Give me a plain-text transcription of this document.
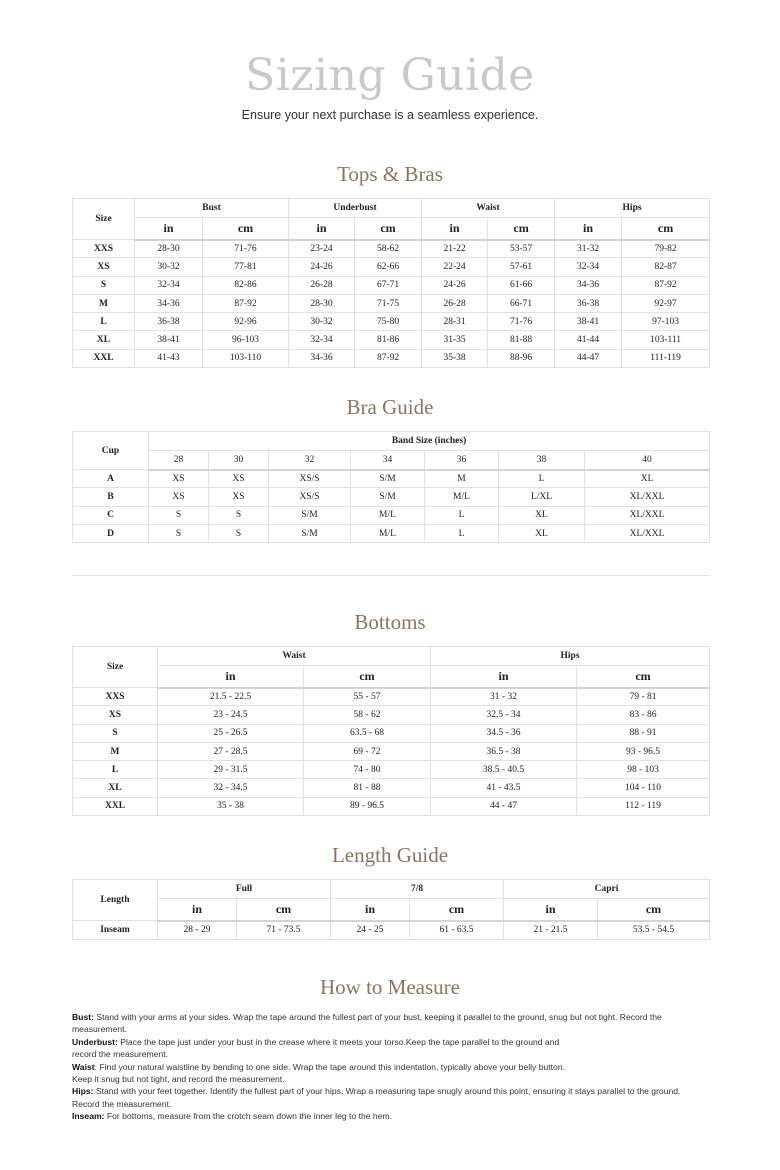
Sizing Guide
Ensure your next purchase is a seamless experience.
Tops & Bras
Size	Bust		Underbust		Waist		Hips	
	in	cm	in	cm	in	cm	in	cm
XXS	28-30	71-76	23-24	58-62	21-22	53-57	31-32	79-82
XS	30-32	77-81	24-26	62-66	22-24	57-61	32-34	82-87
S	32-34	82-86	26-28	67-71	24-26	61-66	34-36	87-92
M	34-36	87-92	28-30	71-75	26-28	66-71	36-38	92-97
L	36-38	92-96	30-32	75-80	28-31	71-76	38-41	97-103
XL	38-41	96-103	32-34	81-86	31-35	81-88	41-44	103-111
XXL	41-43	103-110	34-36	87-92	35-38	88-96	44-47	111-119
Bra Guide
Cup	Band Size (inches)						
	28	30	32	34	36	38	40
A	XS	XS	XS/S	S/M	M	L	XL
B	XS	XS	XS/S	S/M	M/L	L/XL	XL/XXL
C	S	S	S/M	M/L	L	XL	XL/XXL
D	S	S	S/M	M/L	L	XL	XL/XXL
Bottoms
Size	Waist		Hips	
	in	cm	in	cm
XXS	21.5 - 22.5	55 - 57	31 - 32	79 - 81
XS	23 - 24.5	58 - 62	32.5 - 34	83 - 86
S	25 - 26.5	63.5 - 68	34.5 - 36	88 - 91
M	27 - 28.5	69 - 72	36.5 - 38	93 - 96.5
L	29 - 31.5	74 - 80	38.5 - 40.5	98 - 103
XL	32 - 34.5	81 - 88	41 - 43.5	104 - 110
XXL	35 - 38	89 - 96.5	44 - 47	112 - 119
Length Guide
Length	Full		7/8		Capri	
	in	cm	in	cm	in	cm
Inseam	28 - 29	71 - 73.5	24 - 25	61 - 63.5	21 - 21.5	53.5 - 54.5
How to Measure

Bust: Stand with your arms at your sides. Wrap the tape around the fullest part of your bust, keeping it parallel to the ground, snug but not tight. Record the measurement.

Underbust: Place the tape just under your bust in the crease where it meets your torso.Keep the tape parallel to the ground and
record the measurement.

Waist: Find your natural waistline by bending to one side. Wrap the tape around this indentation, typically above your belly button.
Keep it snug but not tight, and record the measurement.

Hips: Stand with your feet together. Identify the fullest part of your hips. Wrap a measuring tape snugly around this point, ensuring it stays parallel to the ground.
Record the measurement.

Inseam: For bottoms, measure from the crotch seam down the inner leg to the hem.
